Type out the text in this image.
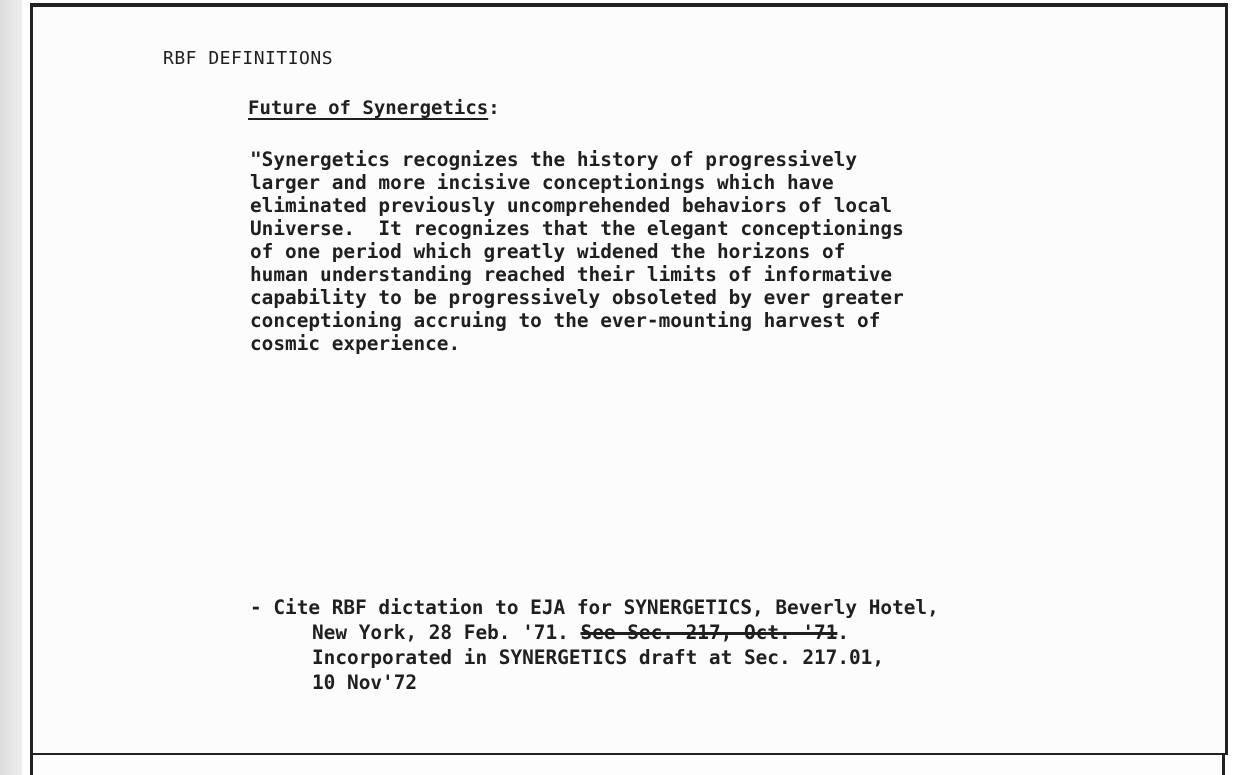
RBF DEFINITIONS
Future of Synergetics:
"Synergetics recognizes the history of progressively
larger and more incisive conceptionings which have
eliminated previously uncomprehended behaviors of local
Universe.  It recognizes that the elegant conceptionings
of one period which greatly widened the horizons of
human understanding reached their limits of informative
capability to be progressively obsoleted by ever greater
conceptioning accruing to the ever-mounting harvest of
cosmic experience.
- Cite RBF dictation to EJA for SYNERGETICS, Beverly Hotel,
New York, 28 Feb. '71. See Sec. 217, Oct. '71.
Incorporated in SYNERGETICS draft at Sec. 217.01,
10 Nov'72
